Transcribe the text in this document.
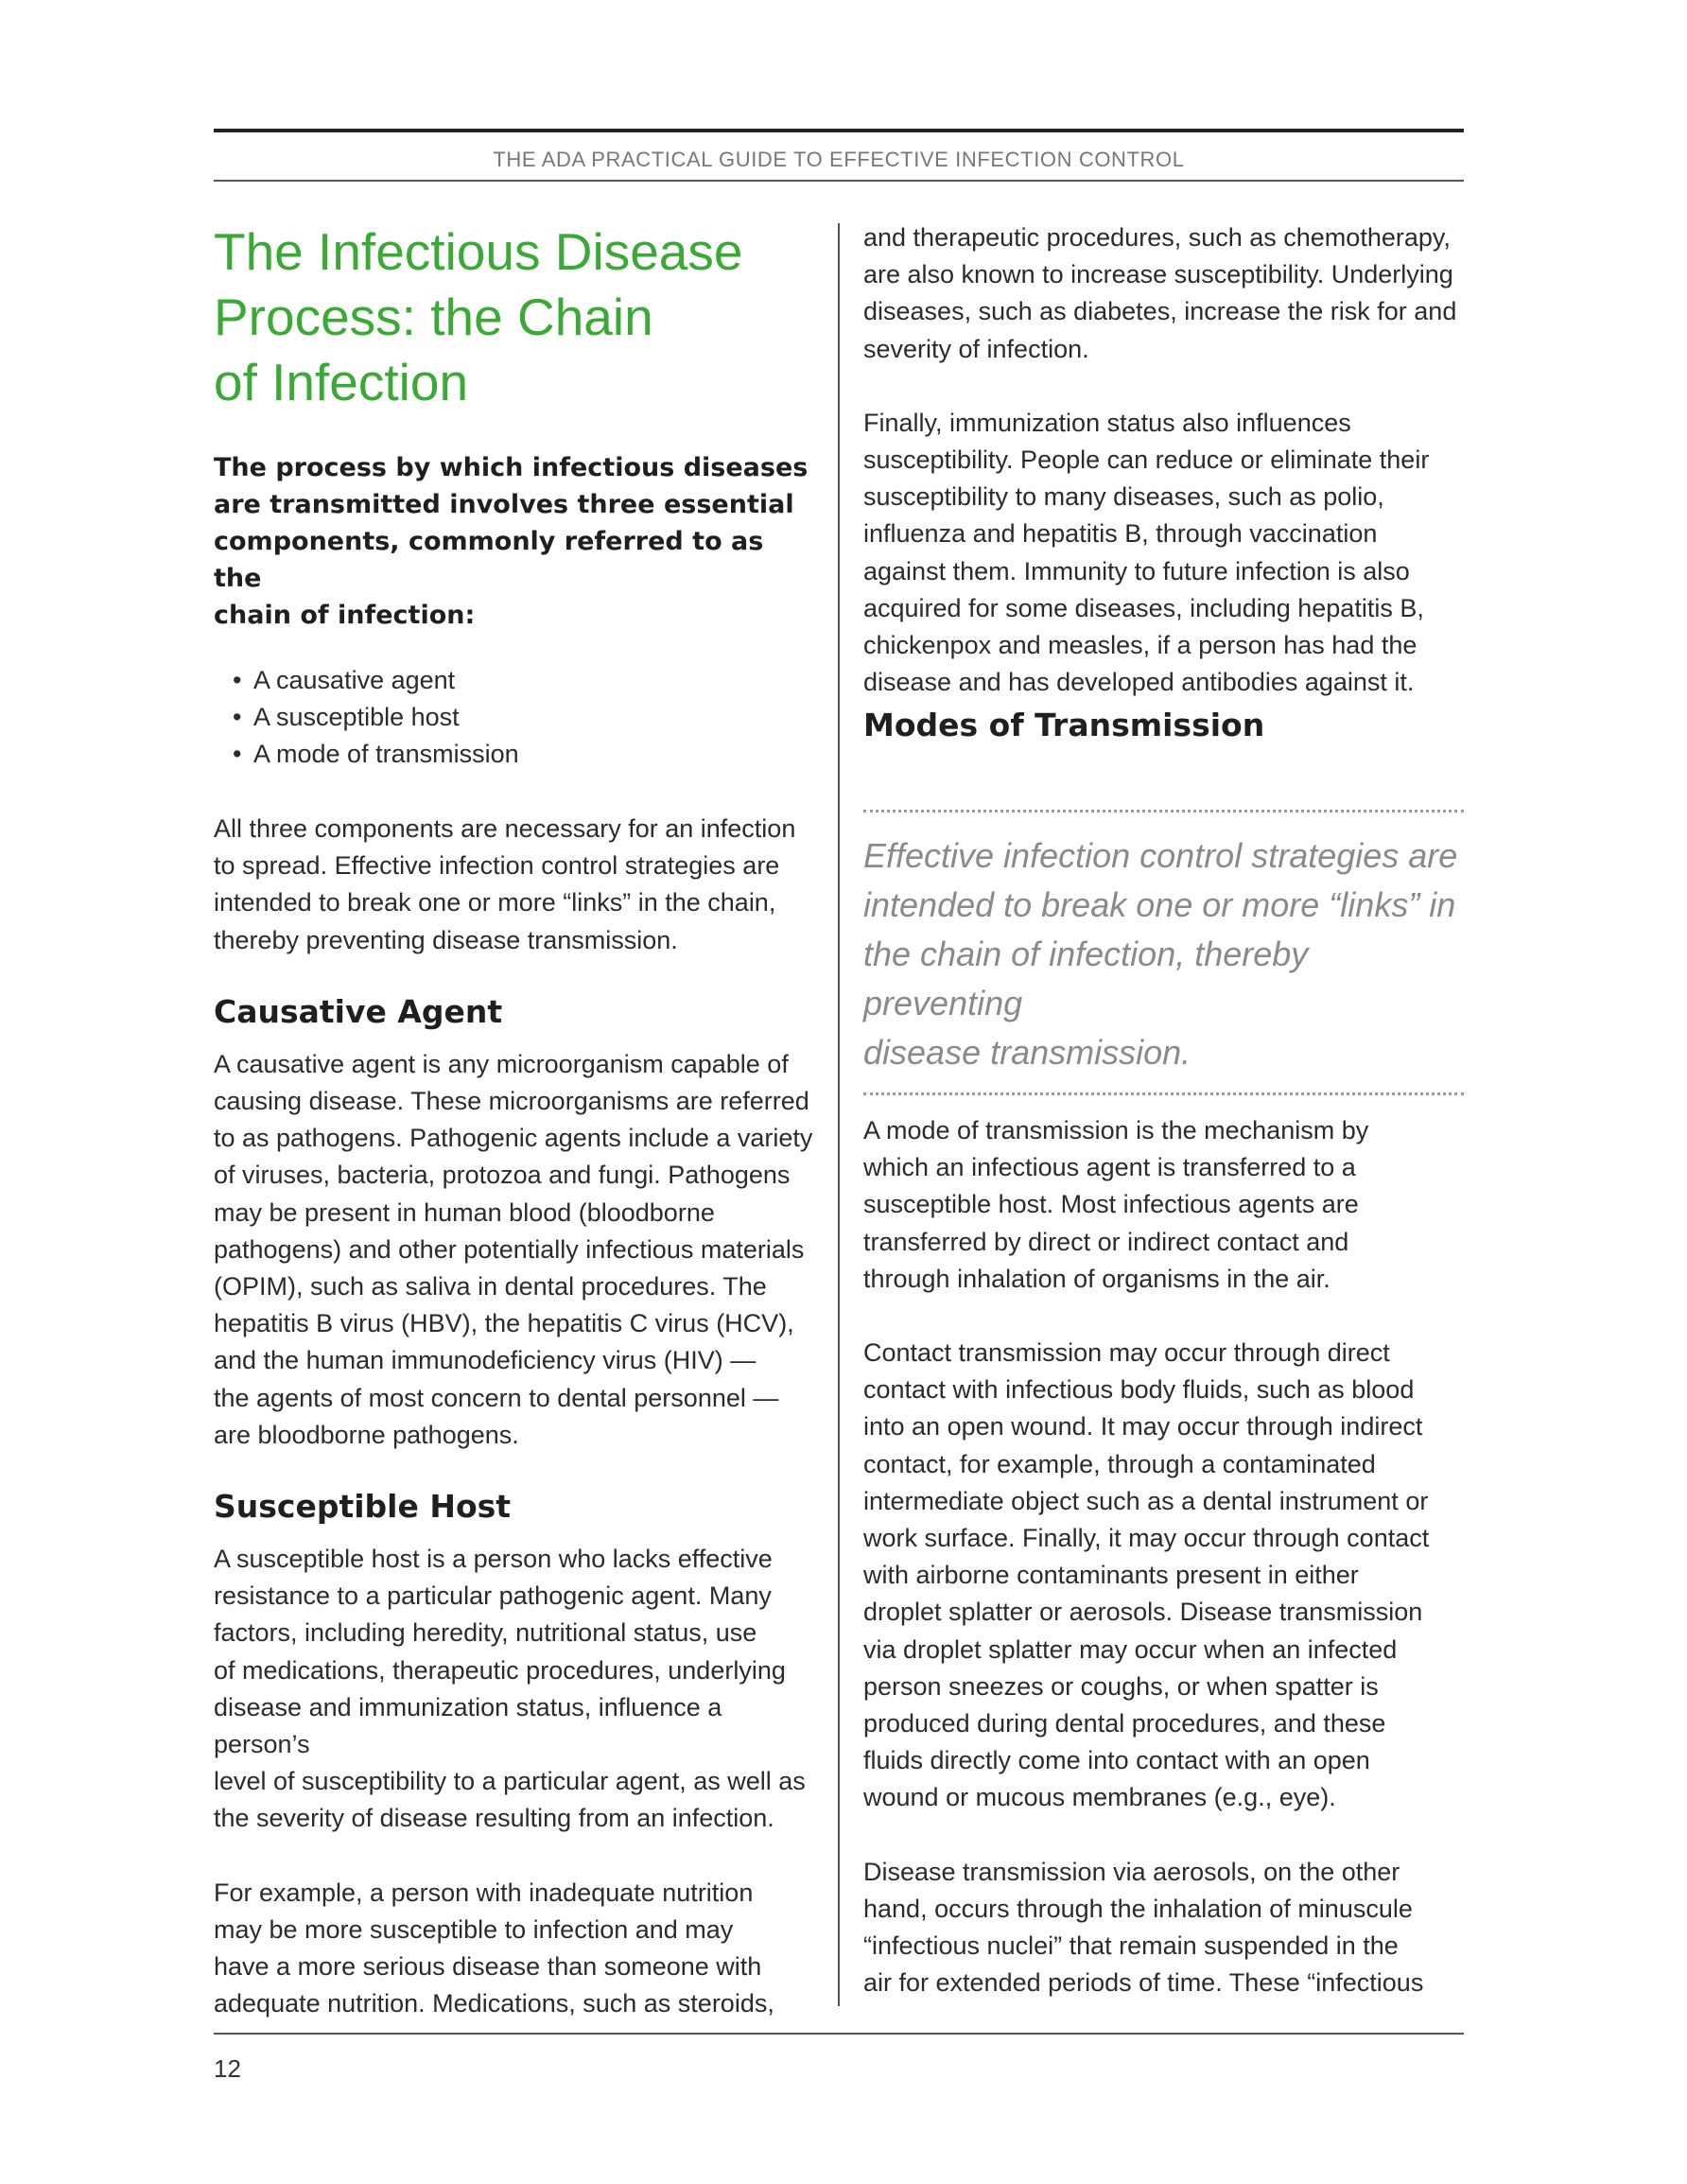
THE ADA PRACTICAL GUIDE TO EFFECTIVE INFECTION CONTROL
The Infectious Disease
Process: the Chain
of Infection
The process by which infectious diseases
are transmitted involves three essential
components, commonly referred to as the
chain of infection:
• A causative agent
• A susceptible host
• A mode of transmission
All three components are necessary for an infection
to spread. Effective infection control strategies are
intended to break one or more “links” in the chain,
thereby preventing disease transmission.
Causative Agent
A causative agent is any microorganism capable of
causing disease. These microorganisms are referred
to as pathogens. Pathogenic agents include a variety
of viruses, bacteria, protozoa and fungi. Pathogens
may be present in human blood (bloodborne
pathogens) and other potentially infectious materials
(OPIM), such as saliva in dental procedures. The
hepatitis B virus (HBV), the hepatitis C virus (HCV),
and the human immunodeficiency virus (HIV) —
the agents of most concern to dental personnel —
are bloodborne pathogens.
Susceptible Host
A susceptible host is a person who lacks effective
resistance to a particular pathogenic agent. Many
factors, including heredity, nutritional status, use
of medications, therapeutic procedures, underlying
disease and immunization status, influence a person’s
level of susceptibility to a particular agent, as well as
the severity of disease resulting from an infection.
For example, a person with inadequate nutrition
may be more susceptible to infection and may
have a more serious disease than someone with
adequate nutrition. Medications, such as steroids,
and therapeutic procedures, such as chemotherapy,
are also known to increase susceptibility. Underlying
diseases, such as diabetes, increase the risk for and
severity of infection.
Finally, immunization status also influences
susceptibility. People can reduce or eliminate their
susceptibility to many diseases, such as polio,
influenza and hepatitis B, through vaccination
against them. Immunity to future infection is also
acquired for some diseases, including hepatitis B,
chickenpox and measles, if a person has had the
disease and has developed antibodies against it.
Modes of Transmission
Effective infection control strategies are
intended to break one or more “links” in
the chain of infection, thereby preventing
disease transmission.
A mode of transmission is the mechanism by
which an infectious agent is transferred to a
susceptible host. Most infectious agents are
transferred by direct or indirect contact and
through inhalation of organisms in the air.
Contact transmission may occur through direct
contact with infectious body fluids, such as blood
into an open wound. It may occur through indirect
contact, for example, through a contaminated
intermediate object such as a dental instrument or
work surface. Finally, it may occur through contact
with airborne contaminants present in either
droplet splatter or aerosols. Disease transmission
via droplet splatter may occur when an infected
person sneezes or coughs, or when spatter is
produced during dental procedures, and these
fluids directly come into contact with an open
wound or mucous membranes (e.g., eye).
Disease transmission via aerosols, on the other
hand, occurs through the inhalation of minuscule
“infectious nuclei” that remain suspended in the
air for extended periods of time. These “infectious
12
